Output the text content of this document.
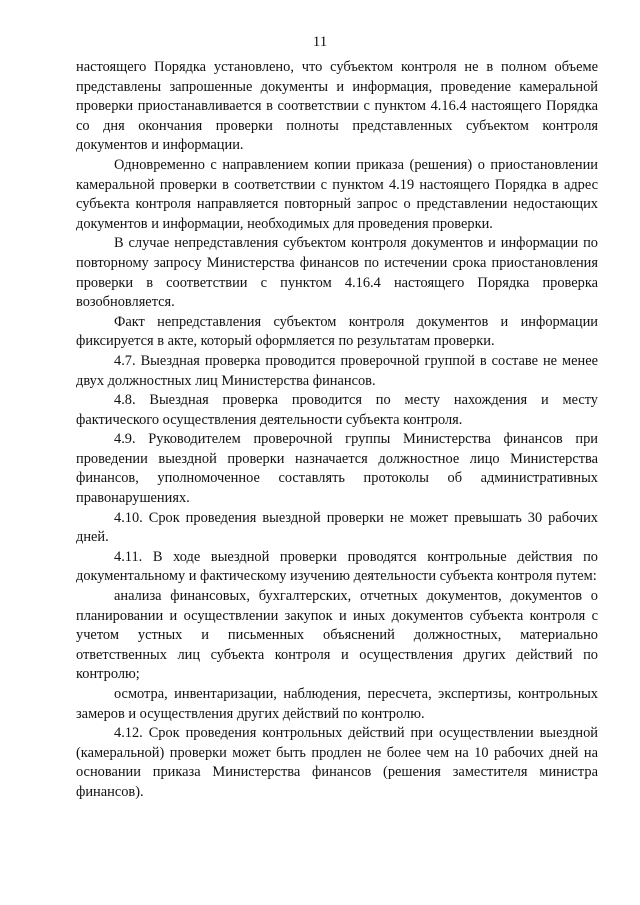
11

настоящего Порядка установлено, что субъектом контроля не в полном объеме представлены запрошенные документы и информация, проведение камеральной проверки приостанавливается в соответствии с пунктом 4.16.4 настоящего Порядка со дня окончания проверки полноты представленных субъектом контроля документов и информации.

Одновременно с направлением копии приказа (решения) о приостановлении камеральной проверки в соответствии с пунктом 4.19 настоящего Порядка в адрес субъекта контроля направляется повторный запрос о представлении недостающих документов и информации, необходимых для проведения проверки.

В случае непредставления субъектом контроля документов и информации по повторному запросу Министерства финансов по истечении срока приостановления проверки в соответствии с пунктом 4.16.4 настоящего Порядка проверка возобновляется.

Факт непредставления субъектом контроля документов и информации фиксируется в акте, который оформляется по результатам проверки.

4.7. Выездная проверка проводится проверочной группой в составе не менее двух должностных лиц Министерства финансов.

4.8. Выездная проверка проводится по месту нахождения и месту фактического осуществления деятельности субъекта контроля.

4.9. Руководителем проверочной группы Министерства финансов при проведении выездной проверки назначается должностное лицо Министерства финансов, уполномоченное составлять протоколы об административных правонарушениях.

4.10. Срок проведения выездной проверки не может превышать 30 рабочих дней.

4.11. В ходе выездной проверки проводятся контрольные действия по документальному и фактическому изучению деятельности субъекта контроля путем:

анализа финансовых, бухгалтерских, отчетных документов, документов о планировании и осуществлении закупок и иных документов субъекта контроля с учетом устных и письменных объяснений должностных, материально ответственных лиц субъекта контроля и осуществления других действий по контролю;

осмотра, инвентаризации, наблюдения, пересчета, экспертизы, контрольных замеров и осуществления других действий по контролю.

4.12. Срок проведения контрольных действий при осуществлении выездной (камеральной) проверки может быть продлен не более чем на 10 рабочих дней на основании приказа Министерства финансов (решения заместителя министра финансов).
